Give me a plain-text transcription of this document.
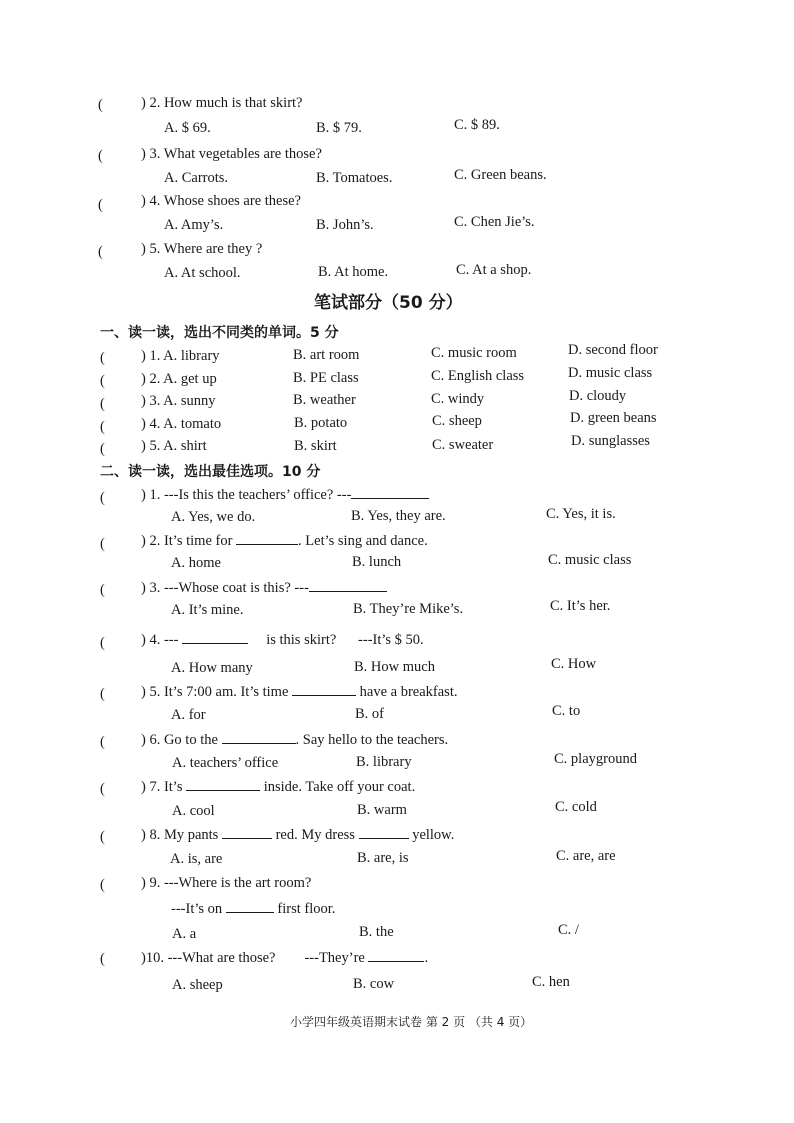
(	) 2. How much is that skirt?
A. $ 69.	B. $ 79.	C. $ 89.
(	) 3. What vegetables are those?
A. Carrots.	B. Tomatoes.	C. Green beans.
(	) 4. Whose shoes are these?
A. Amy’s.	B. John’s.	C. Chen Jie’s.
(	) 5. Where are they ?
A. At school.	B. At home.	C. At a shop.
笔试部分（50 分）
一、读一读，选出不同类的单词。5 分
( ) 1. A. library	B. art room	C. music room	D. second floor
( ) 2. A. get up	B. PE class	C. English class	D. music class
( ) 3. A. sunny	B. weather	C. windy	D. cloudy
( ) 4. A. tomato	B. potato	C. sheep	D. green beans
( ) 5. A. shirt	B. skirt	C. sweater	D. sunglasses
二、读一读，选出最佳选项。10 分
( ) 1. ---Is this the teachers’ office? ---
A. Yes, we do.	B. Yes, they are.	C. Yes, it is.
( ) 2. It’s time for	. Let’s sing and dance.
A. home	B. lunch	C. music class
( ) 3. ---Whose coat is this? ---
A. It’s mine.	B. They’re Mike’s.	C. It’s her.
( ) 4. ---	is this skirt? ---It’s $ 50.
A. How many	B. How much	C. How
( ) 5. It’s 7:00 am. It’s time	have a breakfast.
A. for	B. of	C. to
( ) 6. Go to the	. Say hello to the teachers.
A. teachers’ office	B. library	C. playground
( ) 7. It’s	inside. Take off your coat.
A. cool	B. warm	C. cold
( ) 8. My pants	red. My dress	yellow.
A. is, are	B. are, is	C. are, are
( ) 9. ---Where is the art room?
---It’s on	first floor.
A. a	B. the	C. /
( )10. ---What are those? ---They’re	.
A. sheep	B. cow	C. hen
小学四年级英语期末试卷 第 2 页 （共 4 页）
